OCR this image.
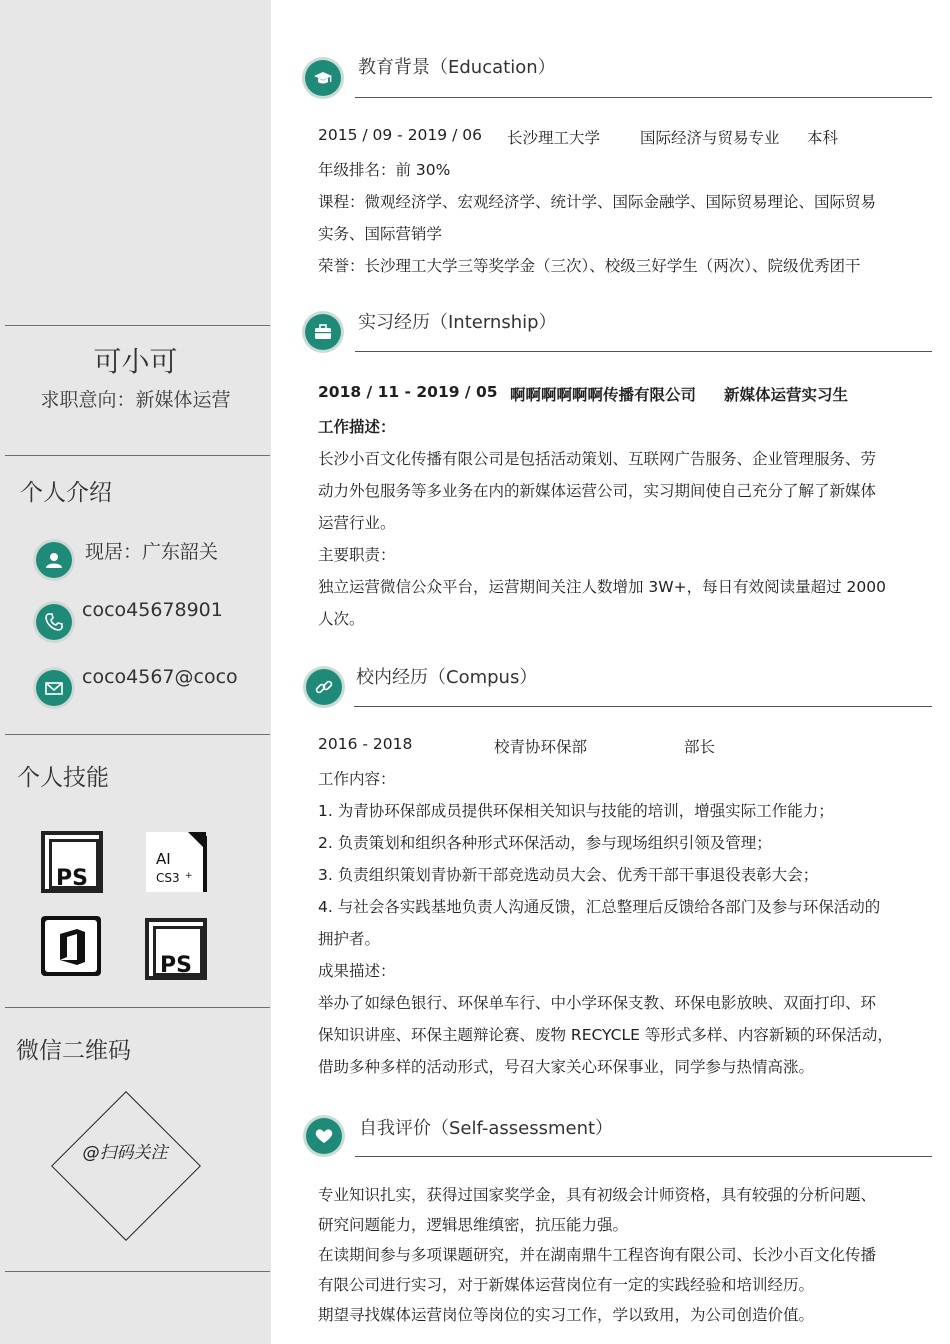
可小可
求职意向：新媒体运营
个人介绍
现居：广东韶关
coco45678901
coco4567@coco
个人技能
PS
AI
CS3 +
PS
微信二维码
@扫码关注
教育背景（Education）
2015 / 09 - 2019 / 06 长沙理工大学	国际经济与贸易专业 本科
年级排名：前 30%
课程：微观经济学、宏观经济学、统计学、国际金融学、国际贸易理论、国际贸易
实务、国际营销学
荣誉：长沙理工大学三等奖学金（三次）、校级三好学生（两次）、院级优秀团干
实习经历（Internship）
2018 / 11 - 2019 / 05 啊啊啊啊啊啊传播有限公司 新媒体运营实习生
工作描述：
长沙小百文化传播有限公司是包括活动策划、互联网广告服务、企业管理服务、劳
动力外包服务等多业务在内的新媒体运营公司，实习期间使自己充分了解了新媒体
运营行业。
主要职责：
独立运营微信公众平台，运营期间关注人数增加 3W+，每日有效阅读量超过 2000
人次。
校内经历（Compus）
2016 - 2018	校青协环保部	部长
工作内容：
1. 为青协环保部成员提供环保相关知识与技能的培训，增强实际工作能力；
2. 负责策划和组织各种形式环保活动，参与现场组织引领及管理；
3. 负责组织策划青协新干部竞选动员大会、优秀干部干事退役表彰大会；
4. 与社会各实践基地负责人沟通反馈，汇总整理后反馈给各部门及参与环保活动的
拥护者。
成果描述：
举办了如绿色银行、环保单车行、中小学环保支教、环保电影放映、双面打印、环
保知识讲座、环保主题辩论赛、废物 RECYCLE 等形式多样、内容新颖的环保活动，
借助多种多样的活动形式，号召大家关心环保事业，同学参与热情高涨。
自我评价（Self-assessment）
专业知识扎实，获得过国家奖学金，具有初级会计师资格，具有较强的分析问题、
研究问题能力，逻辑思维缜密，抗压能力强。
在读期间参与多项课题研究，并在湖南鼎牛工程咨询有限公司、长沙小百文化传播
有限公司进行实习，对于新媒体运营岗位有一定的实践经验和培训经历。
期望寻找媒体运营岗位等岗位的实习工作，学以致用，为公司创造价值。
